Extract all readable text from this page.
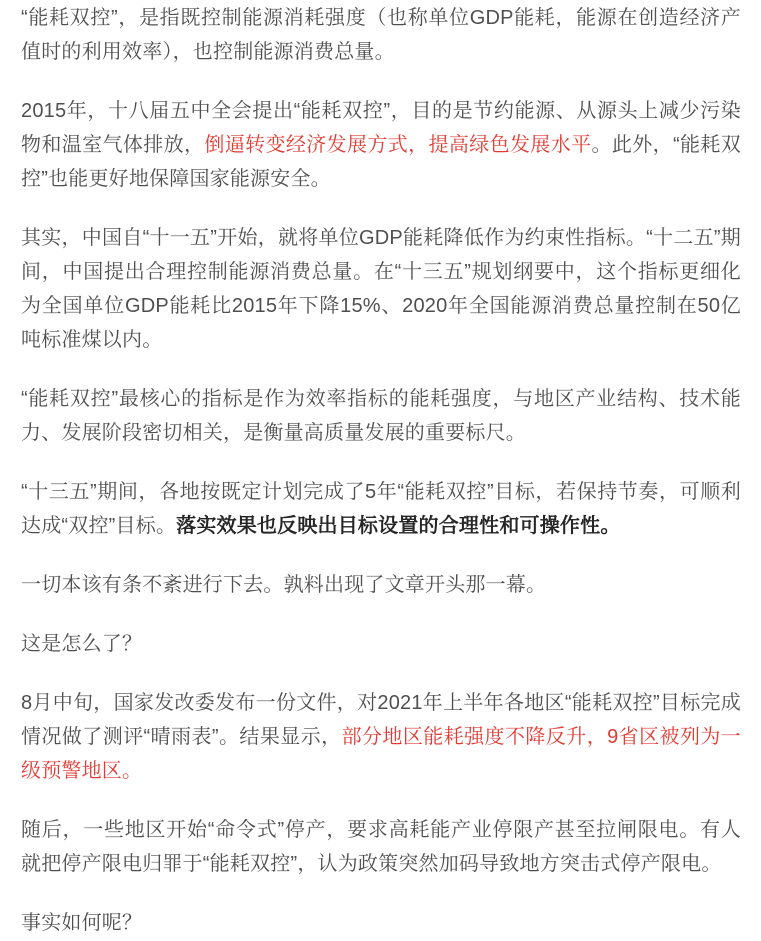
“能耗双控”，是指既控制能源消耗强度（也称单位GDP能耗，能源在创造经济产值时的利用效率），也控制能源消费总量。

2015年，十八届五中全会提出“能耗双控”，目的是节约能源、从源头上减少污染物和温室气体排放，倒逼转变经济发展方式，提高绿色发展水平。此外，“能耗双控”也能更好地保障国家能源安全。

其实，中国自“十一五”开始，就将单位GDP能耗降低作为约束性指标。“十二五”期间，中国提出合理控制能源消费总量。在“十三五”规划纲要中，这个指标更细化为全国单位GDP能耗比2015年下降15%、2020年全国能源消费总量控制在50亿吨标准煤以内。

“能耗双控”最核心的指标是作为效率指标的能耗强度，与地区产业结构、技术能力、发展阶段密切相关，是衡量高质量发展的重要标尺。

“十三五”期间，各地按既定计划完成了5年“能耗双控”目标，若保持节奏，可顺利达成“双控”目标。落实效果也反映出目标设置的合理性和可操作性。

一切本该有条不紊进行下去。孰料出现了文章开头那一幕。

这是怎么了？

8月中旬，国家发改委发布一份文件，对2021年上半年各地区“能耗双控”目标完成情况做了测评“晴雨表”。结果显示，部分地区能耗强度不降反升，9省区被列为一级预警地区。

随后，一些地区开始“命令式”停产，要求高耗能产业停限产甚至拉闸限电。有人就把停产限电归罪于“能耗双控”，认为政策突然加码导致地方突击式停产限电。

事实如何呢？
